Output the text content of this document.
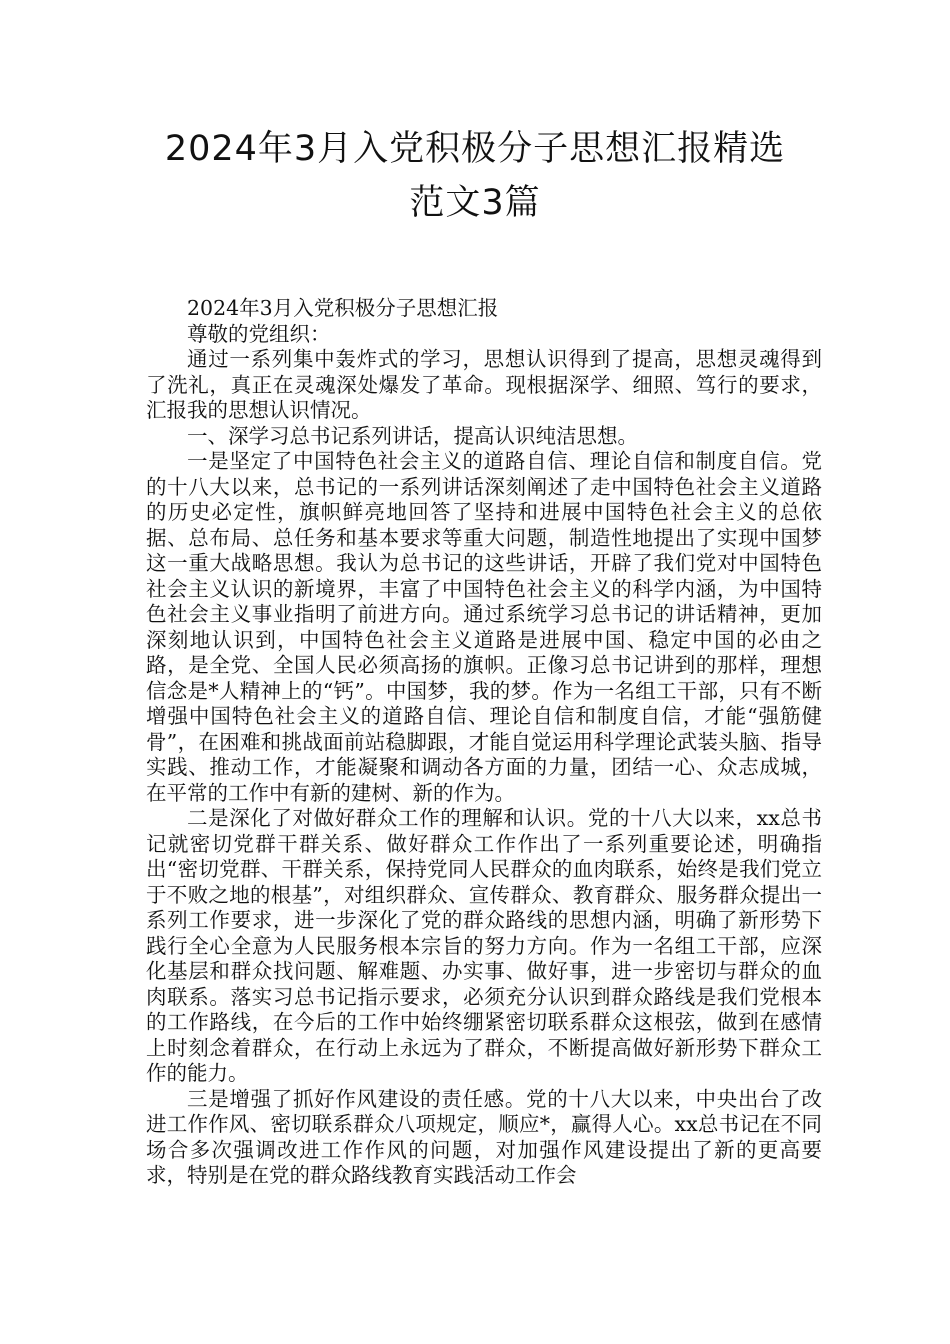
2024年3月入党积极分子思想汇报精选
范文3篇

2024年3月入党积极分子思想汇报

尊敬的党组织：

通过一系列集中轰炸式的学习，思想认识得到了提高，思想灵魂得到了洗礼，真正在灵魂深处爆发了革命。现根据深学、细照、笃行的要求，汇报我的思想认识情况。

一、深学习总书记系列讲话，提高认识纯洁思想。

一是坚定了中国特色社会主义的道路自信、理论自信和制度自信。党的十八大以来，总书记的一系列讲话深刻阐述了走中国特色社会主义道路的历史必定性，旗帜鲜亮地回答了坚持和进展中国特色社会主义的总依据、总布局、总任务和基本要求等重大问题，制造性地提出了实现中国梦这一重大战略思想。我认为总书记的这些讲话，开辟了我们党对中国特色社会主义认识的新境界，丰富了中国特色社会主义的科学内涵，为中国特色社会主义事业指明了前进方向。通过系统学习总书记的讲话精神，更加深刻地认识到，中国特色社会主义道路是进展中国、稳定中国的必由之路，是全党、全国人民必须高扬的旗帜。正像习总书记讲到的那样，理想信念是*人精神上的“钙”。中国梦，我的梦。作为一名组工干部，只有不断增强中国特色社会主义的道路自信、理论自信和制度自信，才能“强筋健骨”，在困难和挑战面前站稳脚跟，才能自觉运用科学理论武装头脑、指导实践、推动工作，才能凝聚和调动各方面的力量，团结一心、众志成城，在平常的工作中有新的建树、新的作为。

二是深化了对做好群众工作的理解和认识。党的十八大以来，xx总书记就密切党群干群关系、做好群众工作作出了一系列重要论述，明确指出“密切党群、干群关系，保持党同人民群众的血肉联系，始终是我们党立于不败之地的根基”，对组织群众、宣传群众、教育群众、服务群众提出一系列工作要求，进一步深化了党的群众路线的思想内涵，明确了新形势下践行全心全意为人民服务根本宗旨的努力方向。作为一名组工干部，应深化基层和群众找问题、解难题、办实事、做好事，进一步密切与群众的血肉联系。落实习总书记指示要求，必须充分认识到群众路线是我们党根本的工作路线，在今后的工作中始终绷紧密切联系群众这根弦，做到在感情上时刻念着群众，在行动上永远为了群众，不断提高做好新形势下群众工作的能力。

三是增强了抓好作风建设的责任感。党的十八大以来，中央出台了改进工作作风、密切联系群众八项规定，顺应*，赢得人心。xx总书记在不同场合多次强调改进工作作风的问题，对加强作风建设提出了新的更高要求，特别是在党的群众路线教育实践活动工作会
